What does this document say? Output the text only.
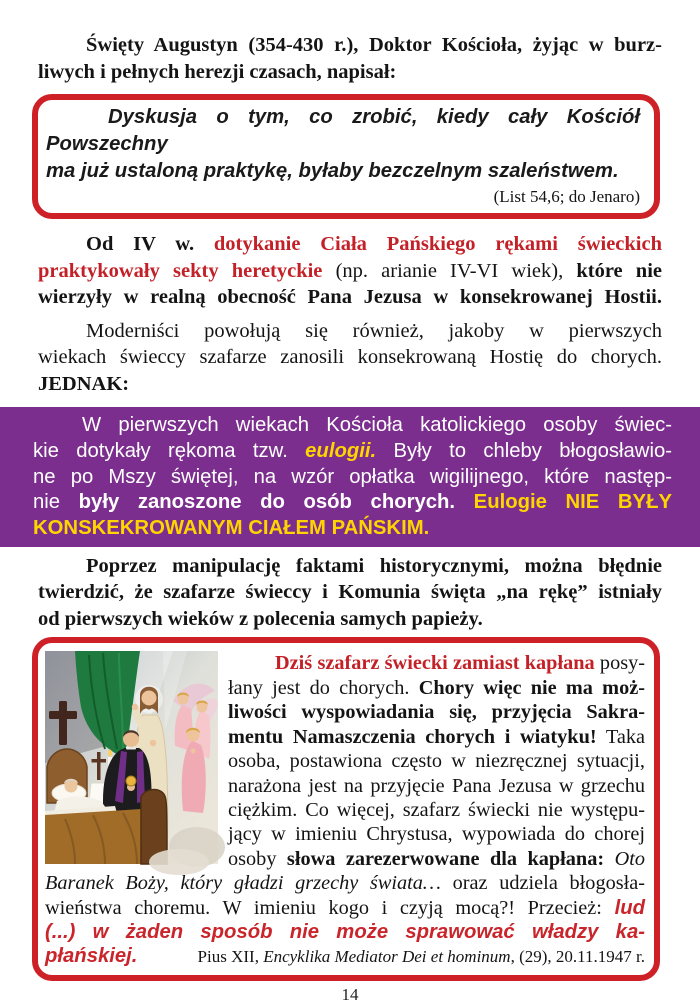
Święty Augustyn (354-430 r.), Doktor Kościoła, żyjąc w burz-
liwych i pełnych herezji czasach, napisał:
Dyskusja o tym, co zrobić, kiedy cały Kościół Powszechny
ma już ustaloną praktykę, byłaby bezczelnym szaleństwem.
(List 54,6; do Jenaro)
Od IV w. dotykanie Ciała Pańskiego rękami świeckich
praktykowały sekty heretyckie (np. arianie IV-VI wiek), które nie
wierzyły w realną obecność Pana Jezusa w konsekrowanej Hostii.
Moderniści powołują się również, jakoby w pierwszych
wiekach świeccy szafarze zanosili konsekrowaną Hostię do chorych.
JEDNAK:
W pierwszych wiekach Kościoła katolickiego osoby świec-
kie dotykały rękoma tzw. eulogii. Były to chleby błogosławio-
ne po Mszy świętej, na wzór opłatka wigilijnego, które następ-
nie były zanoszone do osób chorych. Eulogie NIE BYŁY
KONSKEKROWANYM CIAŁEM PAŃSKIM.
Poprzez manipulację faktami historycznymi, można błędnie
twierdzić, że szafarze świeccy i Komunia święta „na rękę” istniały
od pierwszych wieków z polecenia samych papieży.
Dziś szafarz świecki zamiast kapłana posy-
łany jest do chorych. Chory więc nie ma moż-
liwości wyspowiadania się, przyjęcia Sakra-
mentu Namaszczenia chorych i wiatyku! Taka
osoba, postawiona często w niezręcznej sytuacji,
narażona jest na przyjęcie Pana Jezusa w grzechu
ciężkim. Co więcej, szafarz świecki nie występu-
jący w imieniu Chrystusa, wypowiada do chorej
osoby słowa zarezerwowane dla kapłana: Oto
Baranek Boży, który gładzi grzechy świata… oraz udziela błogosła-
wieństwa choremu. W imieniu kogo i czyją mocą?! Przecież: lud
(...) w żaden sposób nie może sprawować władzy ka-
płańskiej.	Pius XII, Encyklika Mediator Dei et hominum, (29), 20.11.1947 r.
14
